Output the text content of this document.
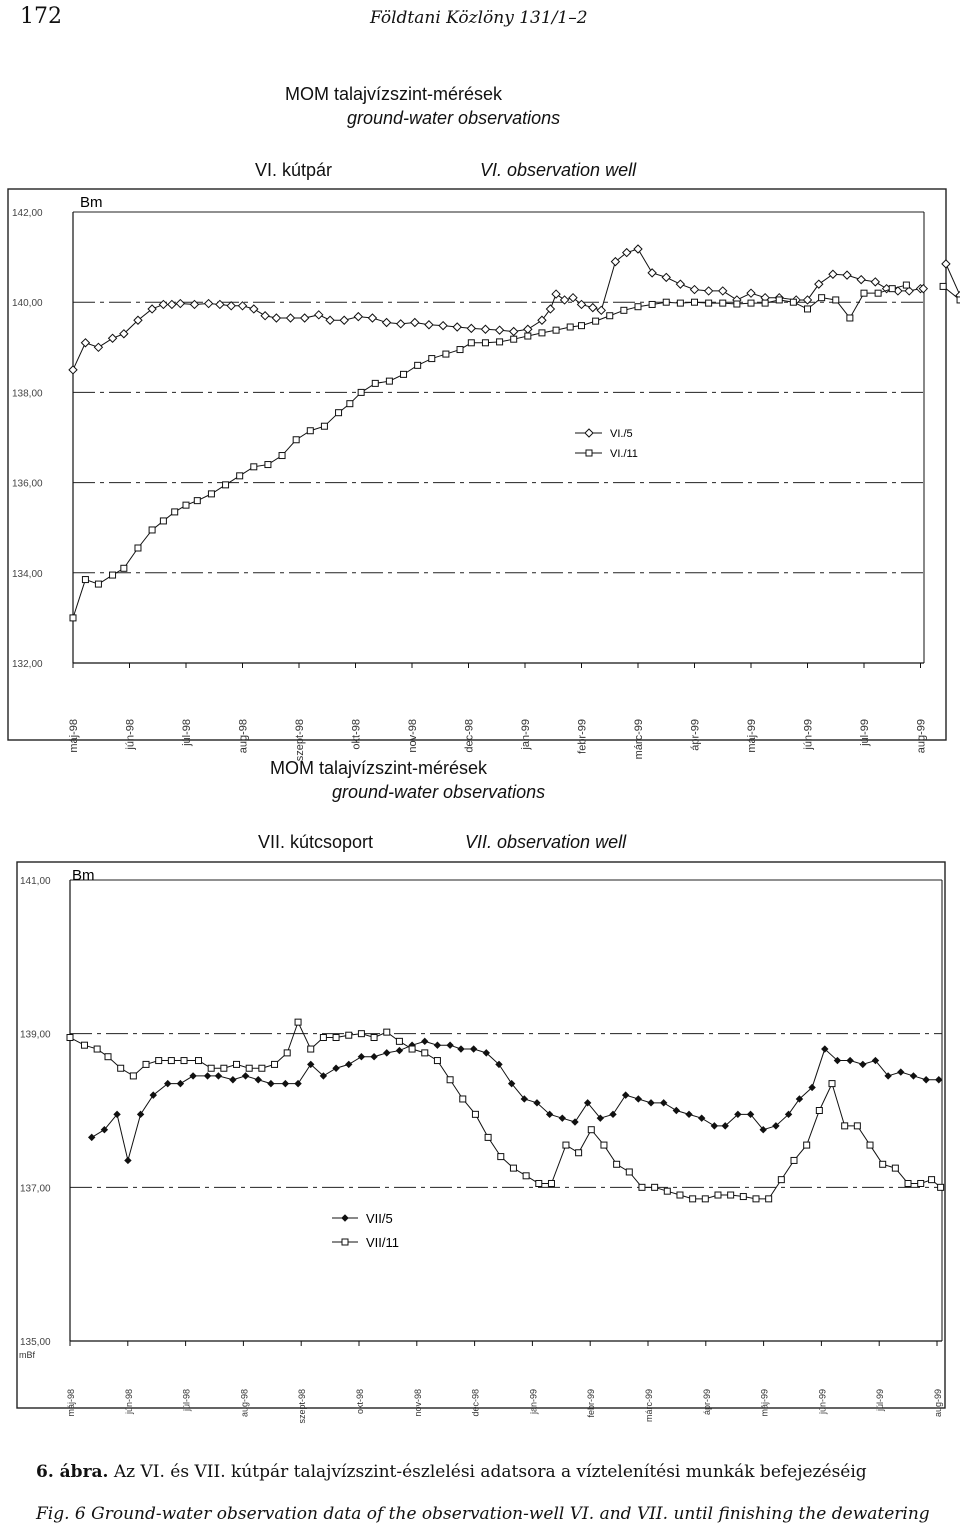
172	Földtani Közlöny 131/1–2
MOM talajvízszint-mérések
ground-water observations
VI. kútpár	VI. observation well
142,00
140,00
138,00
136,00
134,00
132,00
máj-98	jún-98	júl-98	aug-98	szept-98	okt-98	nov-98	dec-98	jan-99	febr-99	márc-99	ápr-99	máj-99	jún-99	júl-99	aug-99
Bm
VI./5
VI./11
MOM talajvízszint-mérések
ground-water observations
VII. kútcsoport	VII. observation well
141,00
139,00
137,00
135,00
máj-98	jún-98	júl-98	aug-98	szept-98	okt-98	nov-98	dec-98	jan-99	febr-99	márc-99	ápr-99	máj-99	jún-99	júl-99	aug-99
Bm
mBf
VII/5
VII/11
6. ábra. Az VI. és VII. kútpár talajvízszint-észlelési adatsora a víztelenítési munkák befejezéséig
Fig. 6 Ground-water observation data of the observation-well VI. and VII. until finishing the dewatering
